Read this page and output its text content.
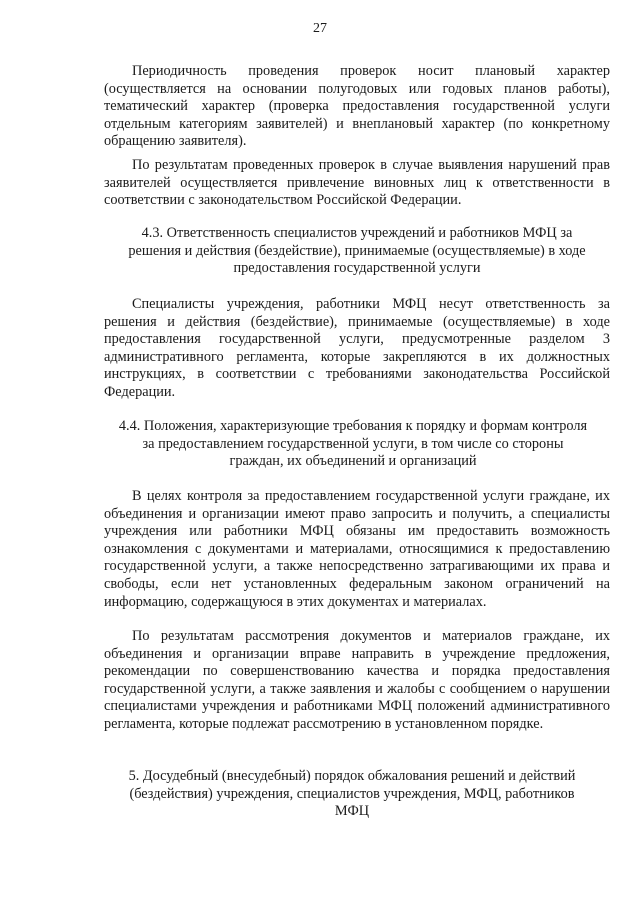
27

Периодичность проведения проверок носит плановый характер (осуществляется на основании полугодовых или годовых планов работы), тематический характер (проверка предоставления государственной услуги отдельным категориям заявителей) и внеплановый характер (по конкретному обращению заявителя).

По результатам проведенных проверок в случае выявления нарушений прав заявителей осуществляется привлечение виновных лиц к ответственности в соответствии с законодательством Российской Федерации.

4.3. Ответственность специалистов учреждений и работников МФЦ за решения и действия (бездействие), принимаемые (осуществляемые) в ходе предоставления государственной услуги

Специалисты учреждения, работники МФЦ несут ответственность за решения и действия (бездействие), принимаемые (осуществляемые) в ходе предоставления государственной услуги, предусмотренные разделом 3 административного регламента, которые закрепляются в их должностных инструкциях, в соответствии с требованиями законодательства Российской Федерации.

4.4. Положения, характеризующие требования к порядку и формам контроля за предоставлением государственной услуги, в том числе со стороны граждан, их объединений и организаций

В целях контроля за предоставлением государственной услуги граждане, их объединения и организации имеют право запросить и получить, а специалисты учреждения или работники МФЦ обязаны им предоставить возможность ознакомления с документами и материалами, относящимися к предоставлению государственной услуги, а также непосредственно затрагивающими их права и свободы, если нет установленных федеральным законом ограничений на информацию, содержащуюся в этих документах и материалах.

По результатам рассмотрения документов и материалов граждане, их объединения и организации вправе направить в учреждение предложения, рекомендации по совершенствованию качества и порядка предоставления государственной услуги, а также заявления и жалобы с сообщением о нарушении специалистами учреждения и работниками МФЦ положений административного регламента, которые подлежат рассмотрению в установленном порядке.

5. Досудебный (внесудебный) порядок обжалования решений и действий (бездействия) учреждения, специалистов учреждения, МФЦ, работников МФЦ
